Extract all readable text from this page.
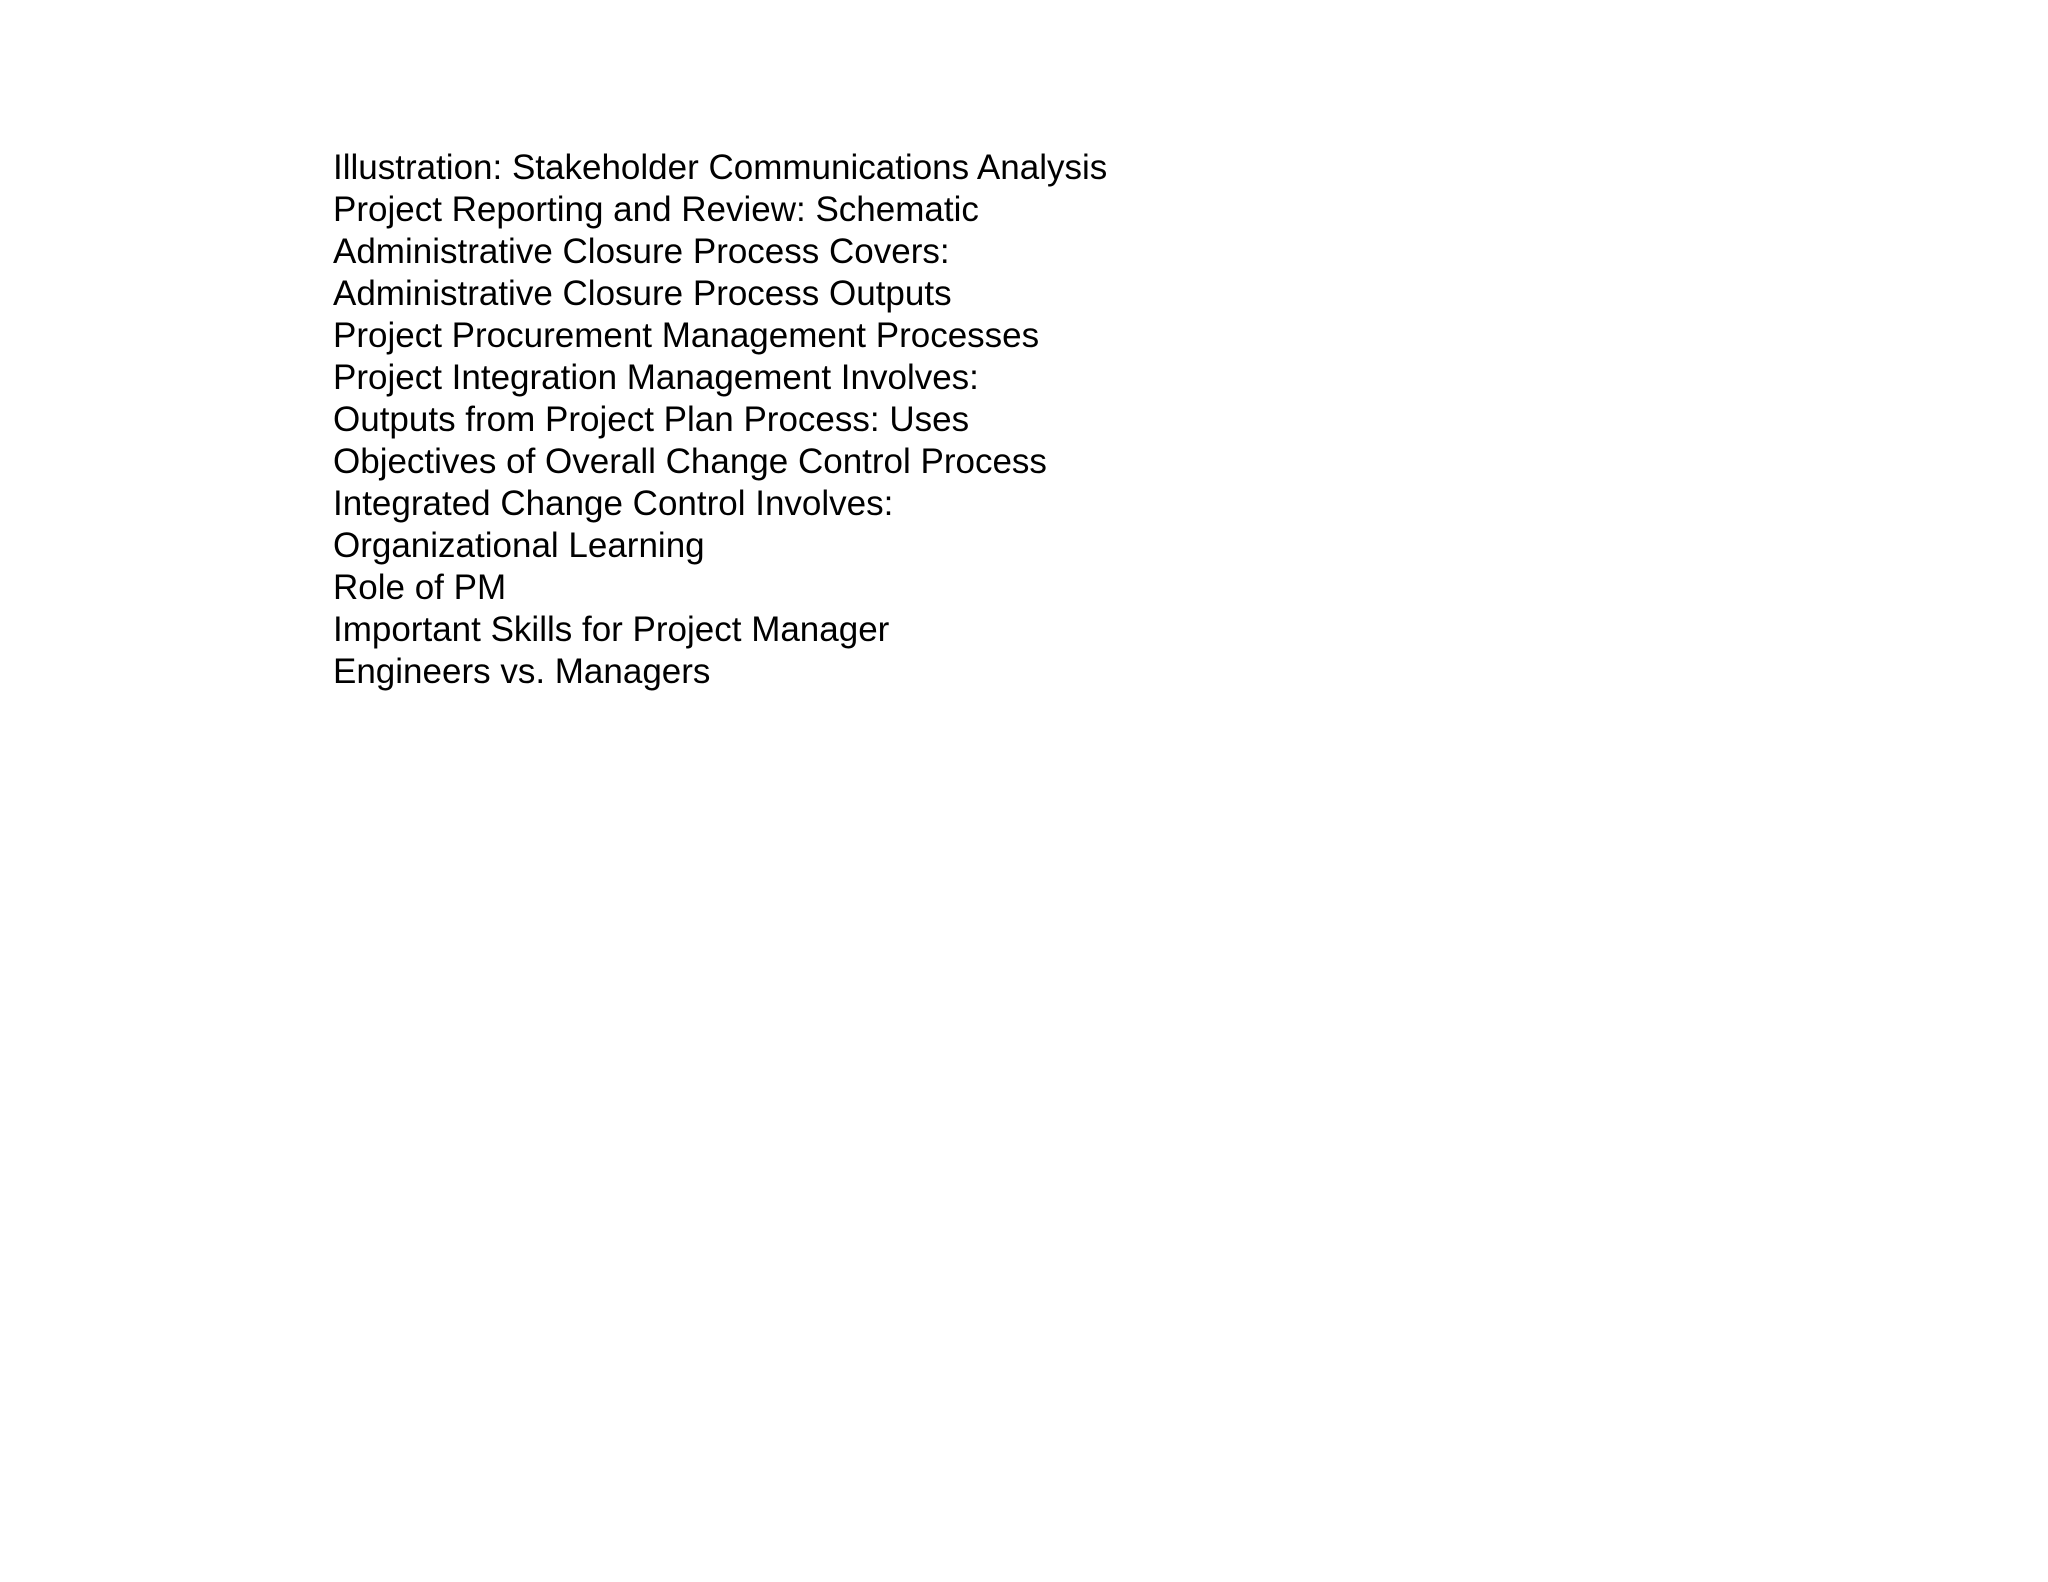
Illustration: Stakeholder Communications Analysis
Project Reporting and Review: Schematic
Administrative Closure Process Covers:
Administrative Closure Process Outputs
Project Procurement Management Processes
Project Integration Management Involves:
Outputs from Project Plan Process: Uses
Objectives of Overall Change Control Process
Integrated Change Control Involves:
Organizational Learning
Role of PM
Important Skills for Project Manager
Engineers vs. Managers
